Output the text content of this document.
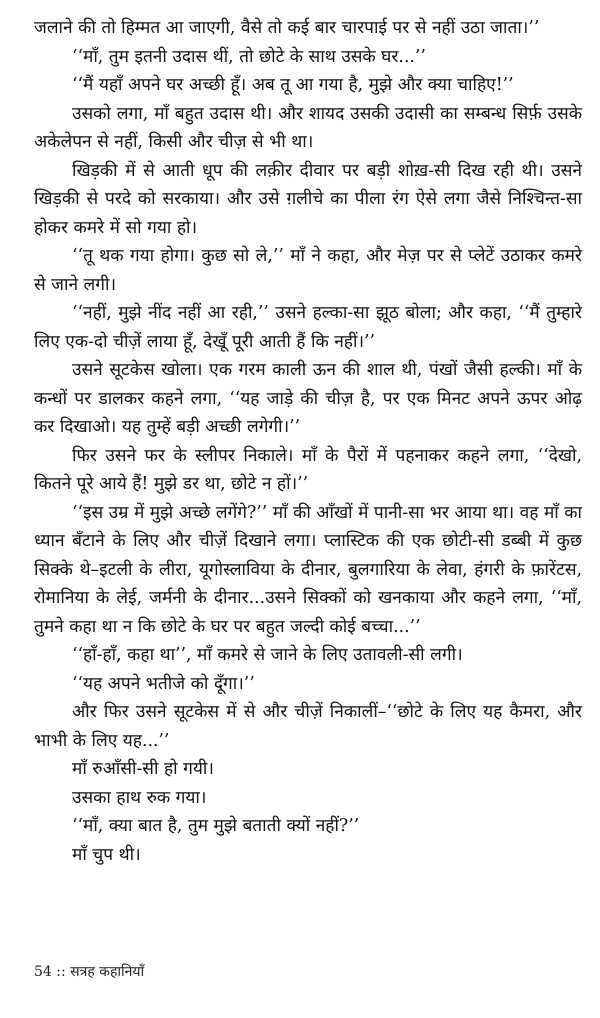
जलाने की तो हिम्मत आ जाएगी, वैसे तो कई बार चारपाई पर से नहीं उठा जाता।’’

‘‘माँ, तुम इतनी उदास थीं, तो छोटे के साथ उसके घर...’’

‘‘मैं यहाँ अपने घर अच्छी हूँ। अब तू आ गया है, मुझे और क्या चाहिए!’’

उसको लगा, माँ बहुत उदास थी। और शायद उसकी उदासी का सम्बन्ध सिर्फ़ उसके अकेलेपन से नहीं, किसी और चीज़ से भी था।

खिड़की में से आती धूप की लक़ीर दीवार पर बड़ी शोख़-सी दिख रही थी। उसने खिड़की से परदे को सरकाया। और उसे ग़लीचे का पीला रंग ऐसे लगा जैसे निश्चिन्त-सा होकर कमरे में सो गया हो।

‘‘तू थक गया होगा। कुछ सो ले,’’ माँ ने कहा, और मेज़ पर से प्लेटें उठाकर कमरे से जाने लगी।

‘‘नहीं, मुझे नींद नहीं आ रही,’’ उसने हल्का-सा झूठ बोला; और कहा, ‘‘मैं तुम्हारे लिए एक-दो चीज़ें लाया हूँ, देखूँ पूरी आती हैं कि नहीं।’’

उसने सूटकेस खोला। एक गरम काली ऊन की शाल थी, पंखों जैसी हल्की। माँ के कन्धों पर डालकर कहने लगा, ‘‘यह जाड़े की चीज़ है, पर एक मिनट अपने ऊपर ओढ़ कर दिखाओ। यह तुम्हें बड़ी अच्छी लगेगी।’’

फिर उसने फर के स्लीपर निकाले। माँ के पैरों में पहनाकर कहने लगा, ‘‘देखो, कितने पूरे आये हैं! मुझे डर था, छोटे न हों।’’

‘‘इस उम्र में मुझे अच्छे लगेंगे?’’ माँ की आँखों में पानी-सा भर आया था। वह माँ का ध्यान बँटाने के लिए और चीज़ें दिखाने लगा। प्लास्टिक की एक छोटी-सी डब्बी में कुछ सिक्के थे–इटली के लीरा, यूगोस्लाविया के दीनार, बुलगारिया के लेवा, हंगरी के फ़ारेंटस, रोमानिया के लेई, जर्मनी के दीनार...उसने सिक्कों को खनकाया और कहने लगा, ‘‘माँ, तुमने कहा था न कि छोटे के घर पर बहुत जल्दी कोई बच्चा...’’

‘‘हाँ-हाँ, कहा था’’, माँ कमरे से जाने के लिए उतावली-सी लगी।

‘‘यह अपने भतीजे को दूँगा।’’

और फिर उसने सूटकेस में से और चीज़ें निकालीं–‘‘छोटे के लिए यह कैमरा, और भाभी के लिए यह...’’

माँ रुआँसी-सी हो गयी।

उसका हाथ रुक गया।

‘‘माँ, क्या बात है, तुम मुझे बताती क्यों नहीं?’’

माँ चुप थी।

54 :: सत्रह कहानियाँ
